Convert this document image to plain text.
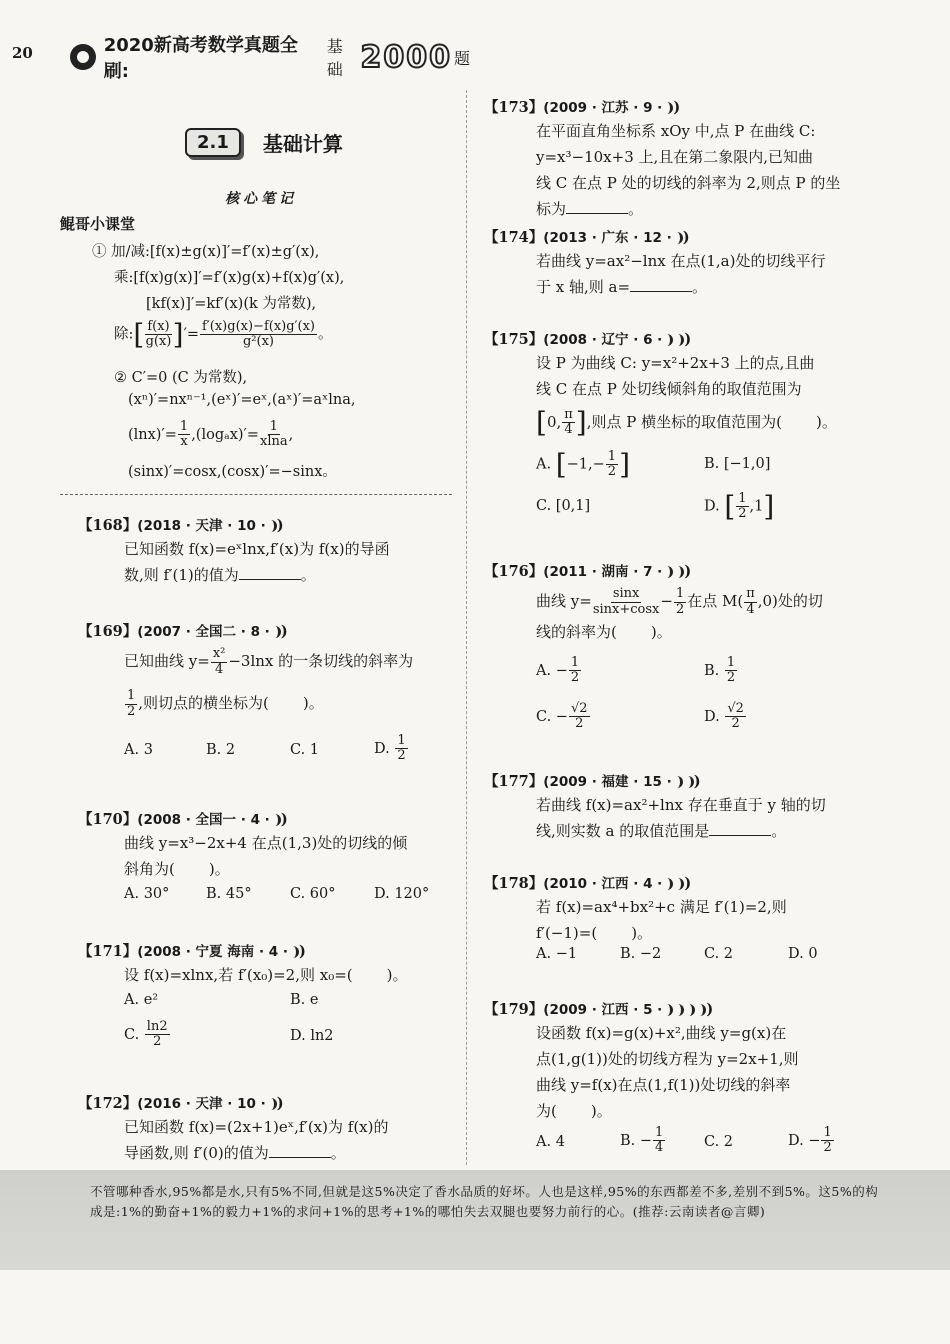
20	2020新高考数学真题全刷:
基础 2000 题
2.1	基础计算
核心笔记
鲲哥小课堂
① 加/减:[f(x)±g(x)]′=f′(x)±g′(x),
乘:[f(x)g(x)]′=f′(x)g(x)+f(x)g′(x),
[kf(x)]′=kf′(x)(k 为常数),
除:[ $\frac{f(x)}{g(x)}$ ]′= $\frac{f'(x)g(x)-f(x)g'(x)}{\text{g²(x)}}$ 。
② C′=0 (C 为常数),
(xⁿ)′=nxⁿ⁻¹,(eˣ)′=eˣ,(aˣ)′=aˣlna,
$(\ln x)'= \frac{1}{x} ,(\log_ax)'= \frac{1}{xlna}$ ,
(sinx)′=cosx,(cosx)′=−sinx。
【168】(2018 · 天津 · 10 · )
已知函数 f(x)=eˣlnx,f′(x)为 f(x)的导函
数,则 f′(1)的值为	。
【169】(2007 · 全国二 · 8 · )
已知曲线 $y= \frac{\text{x²}}{4} -3\ln x$ 的一条切线的斜率为
$\frac{1}{2}$ ,则切点的横坐标为( )。
A. 3	B. 2	C. 1	D. $\frac{1}{2}$
【170】(2008 · 全国一 · 4 · )
曲线 y=x³−2x+4 在点(1,3)处的切线的倾
斜角为( )。
A. 30°	B. 45°	C. 60°	D. 120°
【171】(2008 · 宁夏 海南 · 4 · )
设 f(x)=xlnx,若 f′(x₀)=2,则 x₀=( )。
A. e²	B. e
C. $\frac{\ln 2}{2}$	D. ln2
【172】(2016 · 天津 · 10 · )
已知函数 f(x)=(2x+1)eˣ,f′(x)为 f(x)的
导函数,则 f′(0)的值为	。
【173】(2009 · 江苏 · 9 · )
在平面直角坐标系 xOy 中,点 P 在曲线 C:
y=x³−10x+3 上,且在第二象限内,已知曲
线 C 在点 P 处的切线的斜率为 2,则点 P 的坐
标为	。
【174】(2013 · 广东 · 12 · )
若曲线 y=ax²−lnx 在点(1,a)处的切线平行
于 x 轴,则 a=	。
【175】(2008 · 辽宁 · 6 · )
设 P 为曲线 C: y=x²+2x+3 上的点,且曲
线 C 在点 P 处切线倾斜角的取值范围为
[0, $\frac{\pi}{4}$ ],则点 P 横坐标的取值范围为( )。
A. [$-1,- \frac{1}{2}$ ]	B. [−1,0]
C. [0,1]	D. [ $\frac{1}{2} ,1$]
【176】(2011 · 湖南 · 7 · )
曲线 $y= \frac{\sin x}{\sin x+\cos x} - \frac{1}{2}$ 在点 $M( \frac{\pi}{4} ,0)$处的切
线的斜率为( )。
A. − $\frac{1}{2}$	B. $\frac{1}{2}$
C. − $\frac{√2}{2}$	D. $\frac{√2}{2}$
【177】(2009 · 福建 · 15 · )
若曲线 f(x)=ax²+lnx 存在垂直于 y 轴的切
线,则实数 a 的取值范围是	。
【178】(2010 · 江西 · 4 · )
若 f(x)=ax⁴+bx²+c 满足 f′(1)=2,则
f′(−1)=( )。
A. −1	B. −2	C. 2	D. 0
【179】(2009 · 江西 · 5 ·	)
设函数 f(x)=g(x)+x²,曲线 y=g(x)在
点(1,g(1))处的切线方程为 y=2x+1,则
曲线 y=f(x)在点(1,f(1))处切线的斜率
为( )。
A. 4	B. − $\frac{1}{4}$	C. 2	D. − $\frac{1}{2}$
不管哪种香水,95%都是水,只有5%不同,但就是这5%决定了香水品质的好坏。人也是这样,95%的东西都差不多,差别不到5%。这5%的构成是:1%的勤奋+1%的毅力+1%的求问+1%的思考+1%的哪怕失去双腿也要努力前行的心。(推荐:云南读者@言卿)
